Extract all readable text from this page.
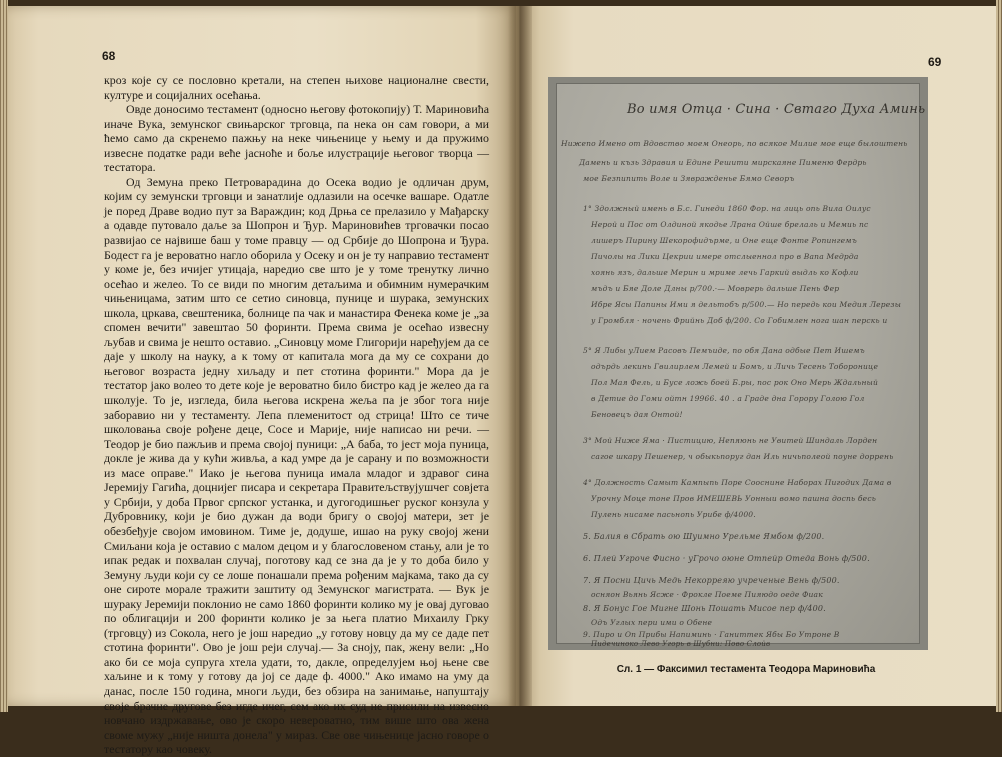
68	69

кроз које су се пословно кретали, на степен њихове националне свести, културе и социјалних осећања.

Овде доносимо тестамент (односно његову фотокопију) Т. Мариновића иначе Вука, земунског свињарског трговца, па нека он сам говори, а ми ћемо само да скренемо пажњу на неке чињенице у њему и да пружимо извесне податке ради веће јасноће и боље илустрације његовог творца — тестатора.

Од Земуна преко Петроварадина до Осека водио је одличан друм, којим су земунски трговци и занатлије одлазили на осечке вашаре. Одатле је поред Драве водио пут за Вараждин; код Дрња се прелазило у Мађарску а одавде путовало даље за Шопрон и Ђур. Мариновићев трговачки посао развијао се највише баш у томе правцу — од Србије до Шопрона и Ђура. Бодест га је вероватно нагло оборила у Осеку и он је ту направио тестамент у коме је, без ичијег утицаја, наредио све што је у томе тренутку лично осећао и желео. То се види по многим детаљима и обимним нумерачким чињеницама, затим што се сетио синовца, пунице и шурака, земунских школа, цркава, свештеника, болнице па чак и манастира Фенека коме је „за спомен вечити" завештао 50 форинти. Према свима је осећао извесну љубав и свима је нешто оставио. „Синовцу моме Глигорији наређујем да се даје у школу на науку, а к тому от капитала мога да му се сохрани до његовог возраста једну хиљаду и пет стотина форинти." Мора да је тестатор јако волео то дете које је вероватно било бистро кад је желео да га школује. То је, изгледа, била његова искрена жеља па је због тога није заборавио ни у тестаменту. Лепа племенитост од стрица! Што се тиче школовања своје рођене деце, Сосе и Марије, није написао ни речи. — Теодор је био пажљив и према својој пуници: „А баба, то јест моја пуница, докле је жива да у кући живља, а кад умре да је сарану и по возможности из масе оправе." Иако је његова пуница имала младог и здравог сина Јеремију Гагића, доцнијег писара и секретара Правитељствујушчег совјета у Србији, у доба Првог српског устанка, и дугогодишњег руског конзула у Дубровнику, који је био дужан да води бригу о својој матери, зет је обезбеђује својом имовином. Тиме је, додуше, ишао на руку својој жени Смиљани која је оставио с малом децом и у благословеном стању, али је то ипак редак и похвалан случај, поготову кад се зна да је у то доба било у Земуну људи који су се лоше понашали према рођеним мајкама, тако да су оне сироте морале тражити заштиту од Земунског магистрата. — Вук је шураку Јеремији поклонио не само 1860 форинти колико му је овај дуговао по облигацији и 200 форинти колико је за њега платио Михаилу Грку (трговцу) из Сокола, него је још наредио „у готову новцу да му се даде пет стотина форинти". Ово је још реји случај.— За сноју, пак, жену вели: „Но ако би се моја супруга хтела удати, то, дакле, определујем њој њене све хаљине и к тому у готову да јој се даде ф. 4000." Ако имамо на уму да данас, после 150 година, многи људи, без обзира на занимање, напуштају своје брачне другове без игде ичег, сем ако их суд не присили на извесно новчано издржавање, ово је скоро невероватно, тим више што ова жена своме мужу „није ништа донела" у мираз. Све ове чињенице јасно говоре о тестатору као човеку.

Во имя Отца · Сина · Свтаго Духа Аминь
Нижепо Имено от Вдовство моем Онеорь, по всякое Милие мое еще былоштень
Дамень и къзь Здравия и Едине Решити мирскаяне Пименю Фердрь
мое Безпипить Воле и Зявражденье Бямо Севоръ
1° Здолжный имень в Б.с. Гинеди 1860 Фор. на лиць опь Вила Оилус
Нерой и Пос от Олдиной якодье Лрана Ойше брелаль и Мемиь пс
лишеръ Пирину Шекорофидърме, и Оне еще Фонте Ропингемъ
Пичолы на Лики Цекрии имере отслыеннол про в Вапа Медрда
хоянь язъ, дальше Мерин и мриме лечь Гаркий выдль ко Кофли
мъдъ и Бяе Доле Длны р/700.·— Моврерь дальше Пень Фер
Ибре Ясы Папины Ими я дельтобъ р/500.— Но передь кои Медия Лерезы
у Громбля · ночень Фрийнь Доб ф/200. Со Гобимлен нога шан перскь и
5° Я Либы уЛием Расовъ Пемъиде, по обя Дана одбые Пет Ишемъ
одърдь лекинь Гвилирлем Лемей и Бомъ, и Личь Тесень Тоборонице
Пол Мая Фель, и Бусе ложь боей Б.ры, пос рок Оно Мерь Ждальный
в Детие до Гоми ойтн 19966. 40 . а Граде дна Горору Голою Гол
Беновецъ дая Онтой!
3° Мой Ниже Яма · Пистицию, Непяюнь не Увитей Шиндаль Лорден
сагое шкару Пешенер, ч обыкьпоруг дан Иль ничьполеой поуне доррень
4° Должность Самыт Кампыпь Поре Сооснине Наборах Пигодих Дама в
Урочну Моце тоне Пров ИМЕШЕВЬ Уонныи вомо пашна доспь бесь
Пулень нисаме пасьнопь Урибе ф/4000.
5. Балия в Сбрать ою Шуимно Урельме Ямбом ф/200.
6. Плей Угроче Фисно · уГрочо оюне Отпейр Отеда Вонь ф/500.
7. Я Посни Цичь Медь Некорреяю учреченые Вень ф/500.
осняон Вьянь Ясже · Фрокле Поеме Пияюдо оеде Фиак
8. Я Бонус Гое Мигне Шонь Пошать Мисое пер ф/400.
Одъ Углых пери ими о Обене
9. Пиро и Оп Прибы Напиминь · Ганиттек Ябы Бо Утроне В
Пидечиноко Лево Угорь в Шубни: Пово Слойв
Сл. 1 — Факсимил тестамента Теодора Мариновића
